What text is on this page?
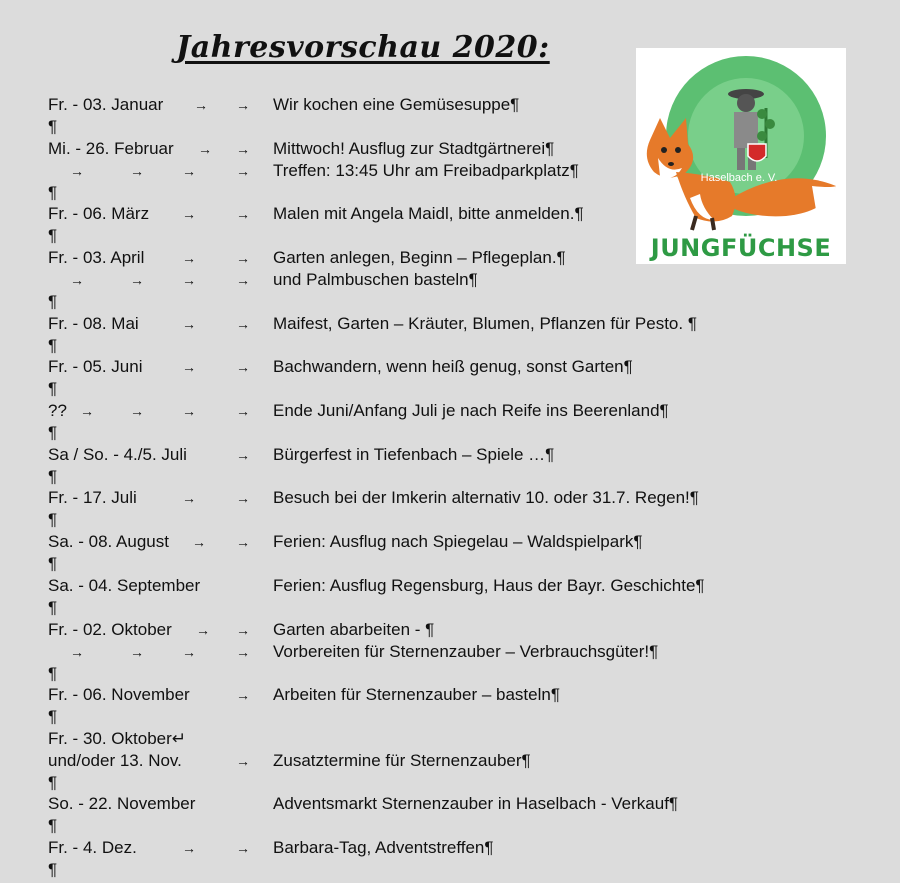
Jahresvorschau 2020:
Haselbach e. V.
JUNGFÜCHSE
Fr. - 03. Januar → → Wir kochen eine Gemüsesuppe¶
¶
Mi. - 26. Februar → → Mittwoch! Ausflug zur Stadtgärtnerei¶
→	→	→	→ Treffen: 13:45 Uhr am Freibadparkplatz¶
¶
Fr. - 06. März →	→ Malen mit Angela Maidl, bitte anmelden.¶
¶
Fr. - 03. April	→	→ Garten anlegen, Beginn – Pflegeplan.¶
→	→	→	→ und Palmbuschen basteln¶
¶
Fr. - 08. Mai	→	→ Maifest, Garten – Kräuter, Blumen, Pflanzen für Pesto. ¶
¶
Fr. - 05. Juni	→	→ Bachwandern, wenn heiß genug, sonst Garten¶
¶
?? →	→	→	→ Ende Juni/Anfang Juli je nach Reife ins Beerenland¶
¶
Sa / So. - 4./5. Juli	→ Bürgerfest in Tiefenbach – Spiele …¶
¶
Fr. - 17. Juli	→	→ Besuch bei der Imkerin alternativ 10. oder 31.7. Regen!¶
¶
Sa. - 08. August → → Ferien: Ausflug nach Spiegelau – Waldspielpark¶
¶
Sa. - 04. September	Ferien: Ausflug Regensburg, Haus der Bayr. Geschichte¶
¶
Fr. - 02. Oktober → → Garten abarbeiten - ¶
→	→	→	→ Vorbereiten für Sternenzauber – Verbrauchsgüter!¶
¶
Fr. - 06. November	→ Arbeiten für Sternenzauber – basteln¶
¶
Fr. - 30. Oktober↵
und/oder 13. Nov.	→ Zusatztermine für Sternenzauber¶
¶
So. - 22. November	Adventsmarkt Sternenzauber in Haselbach - Verkauf¶
¶
Fr. - 4. Dez.	→	→ Barbara-Tag, Adventstreffen¶
¶
